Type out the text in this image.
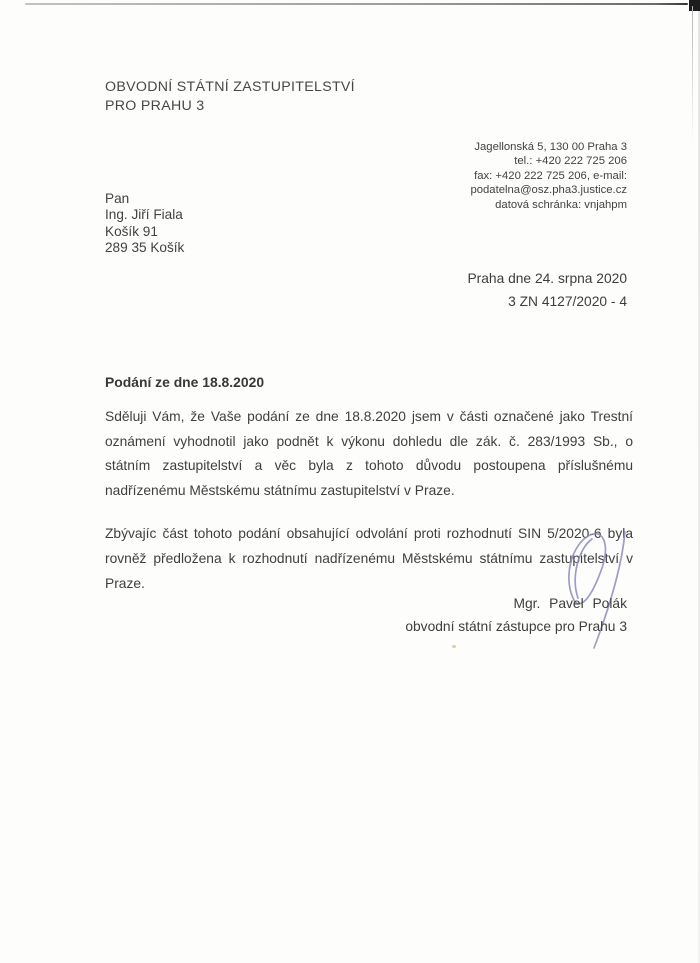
OBVODNÍ STÁTNÍ ZASTUPITELSTVÍ
PRO PRAHU 3
Jagellonská 5, 130 00 Praha 3
tel.: +420 222 725 206
fax: +420 222 725 206, e-mail:
podatelna@osz.pha3.justice.cz
datová schránka: vnjahpm
Pan
Ing. Jiří Fiala
Košík 91
289 35 Košík
Praha dne 24. srpna 2020
3 ZN 4127/2020 - 4
Podání ze dne 18.8.2020

Sděluji Vám, že Vaše podání ze dne 18.8.2020 jsem v části označené jako Trestní oznámení vyhodnotil jako podnět k výkonu dohledu dle zák. č. 283/1993 Sb., o státním zastupitelství a věc byla z tohoto důvodu postoupena příslušnému nadřízenému Městskému státnímu zastupitelství v Praze.

Zbývajíc část tohoto podání obsahující odvolání proti rozhodnutí SIN 5/2020-6 byla rovněž předložena k rozhodnutí nadřízenému Městskému státnímu zastupitelství v Praze.

Mgr. Pavel Polák
obvodní státní zástupce pro Prahu 3
